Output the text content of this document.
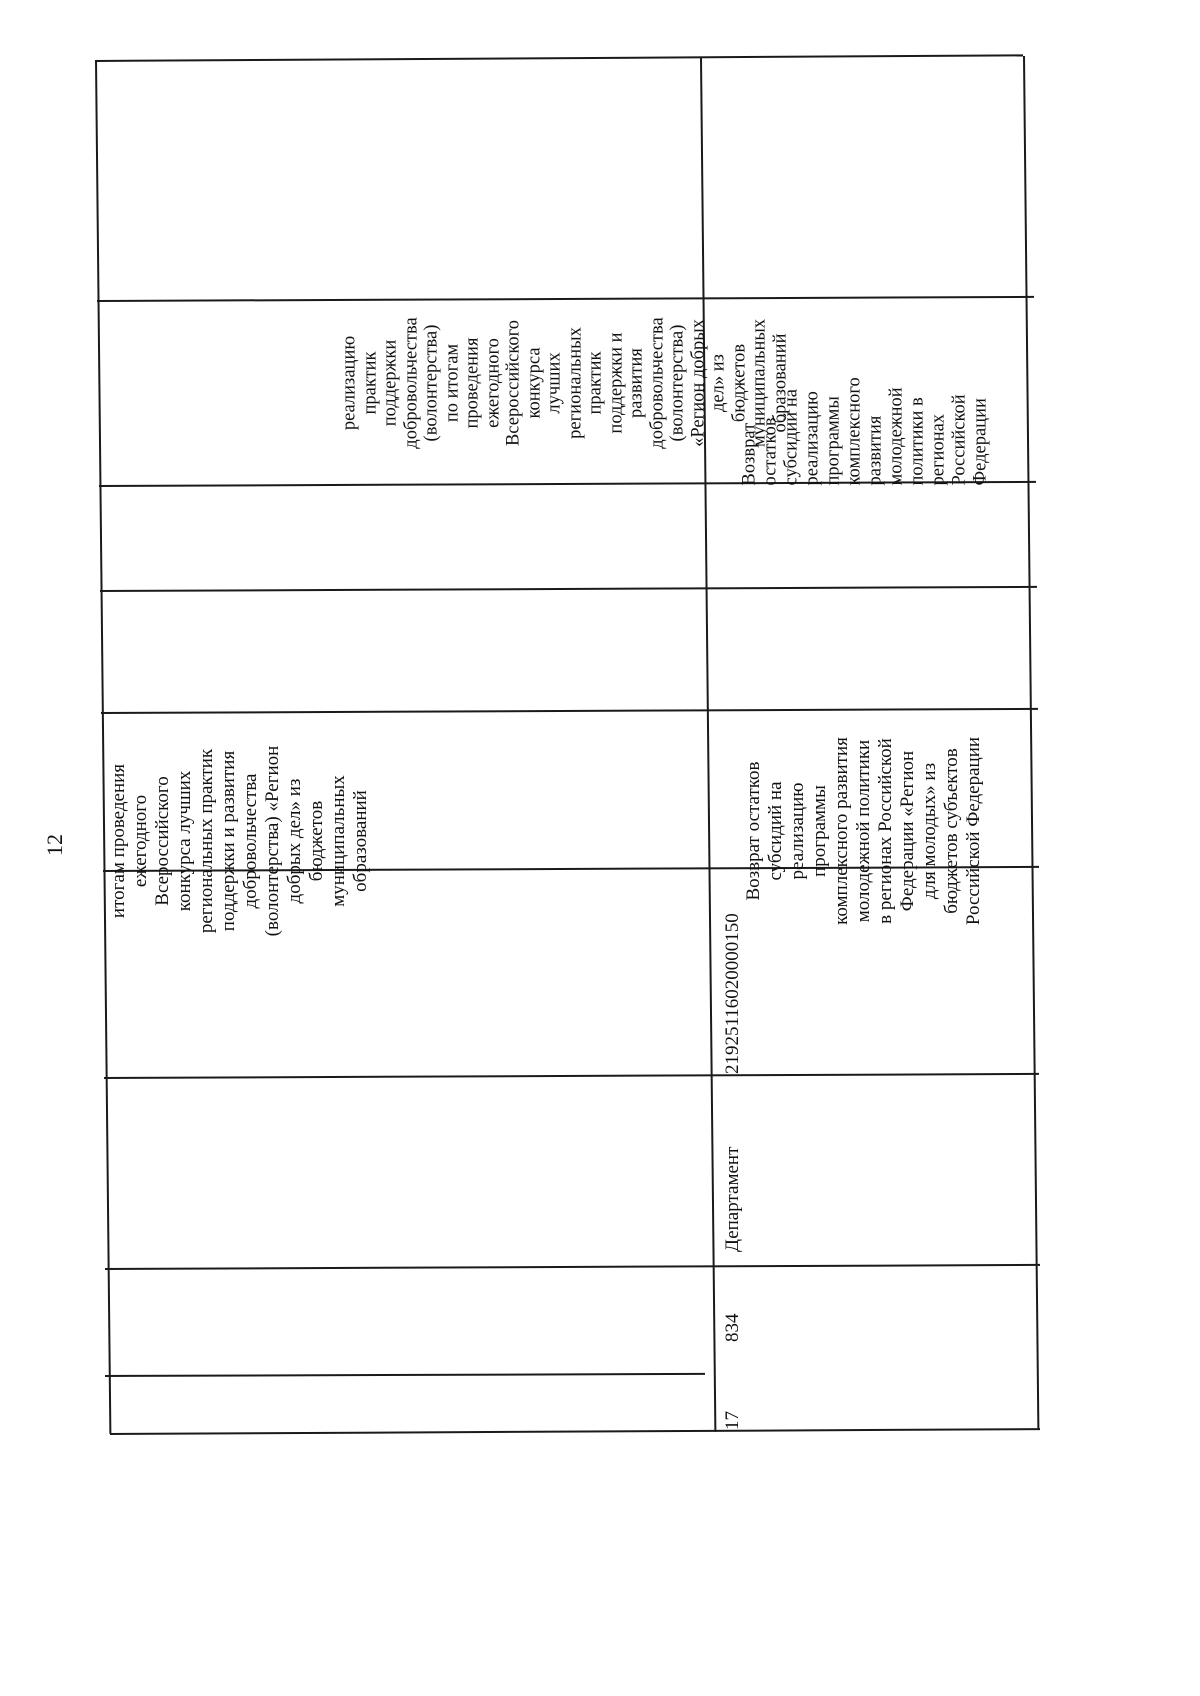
12
итогам проведения
ежегодного
Всероссийского
конкурса лучших
региональных практик
поддержки и развития
добровольчества
(волонтерства) «Регион
добрых дел» из
бюджетов
муниципальных
образований
реализацию
практик
поддержки
добровольчества
(волонтерства)
по итогам
проведения
ежегодного
Всероссийского
конкурса
лучших
региональных
практик
поддержки и
развития
добровольчества
(волонтерства)
«Регион добрых
дел» из
бюджетов
муниципальных
образований
17
834
Департамент
21925116020000150
Возврат остатков
субсидий на
реализацию
программы
комплексного развития
молодежной политики
в регионах Российской
Федерации «Регион
для молодых» из
бюджетов субъектов
Российской Федерации
Возврат
остатков
субсидий на
реализацию
программы
комплексного
развития
молодежной
политики в
регионах
Российской
Федерации
